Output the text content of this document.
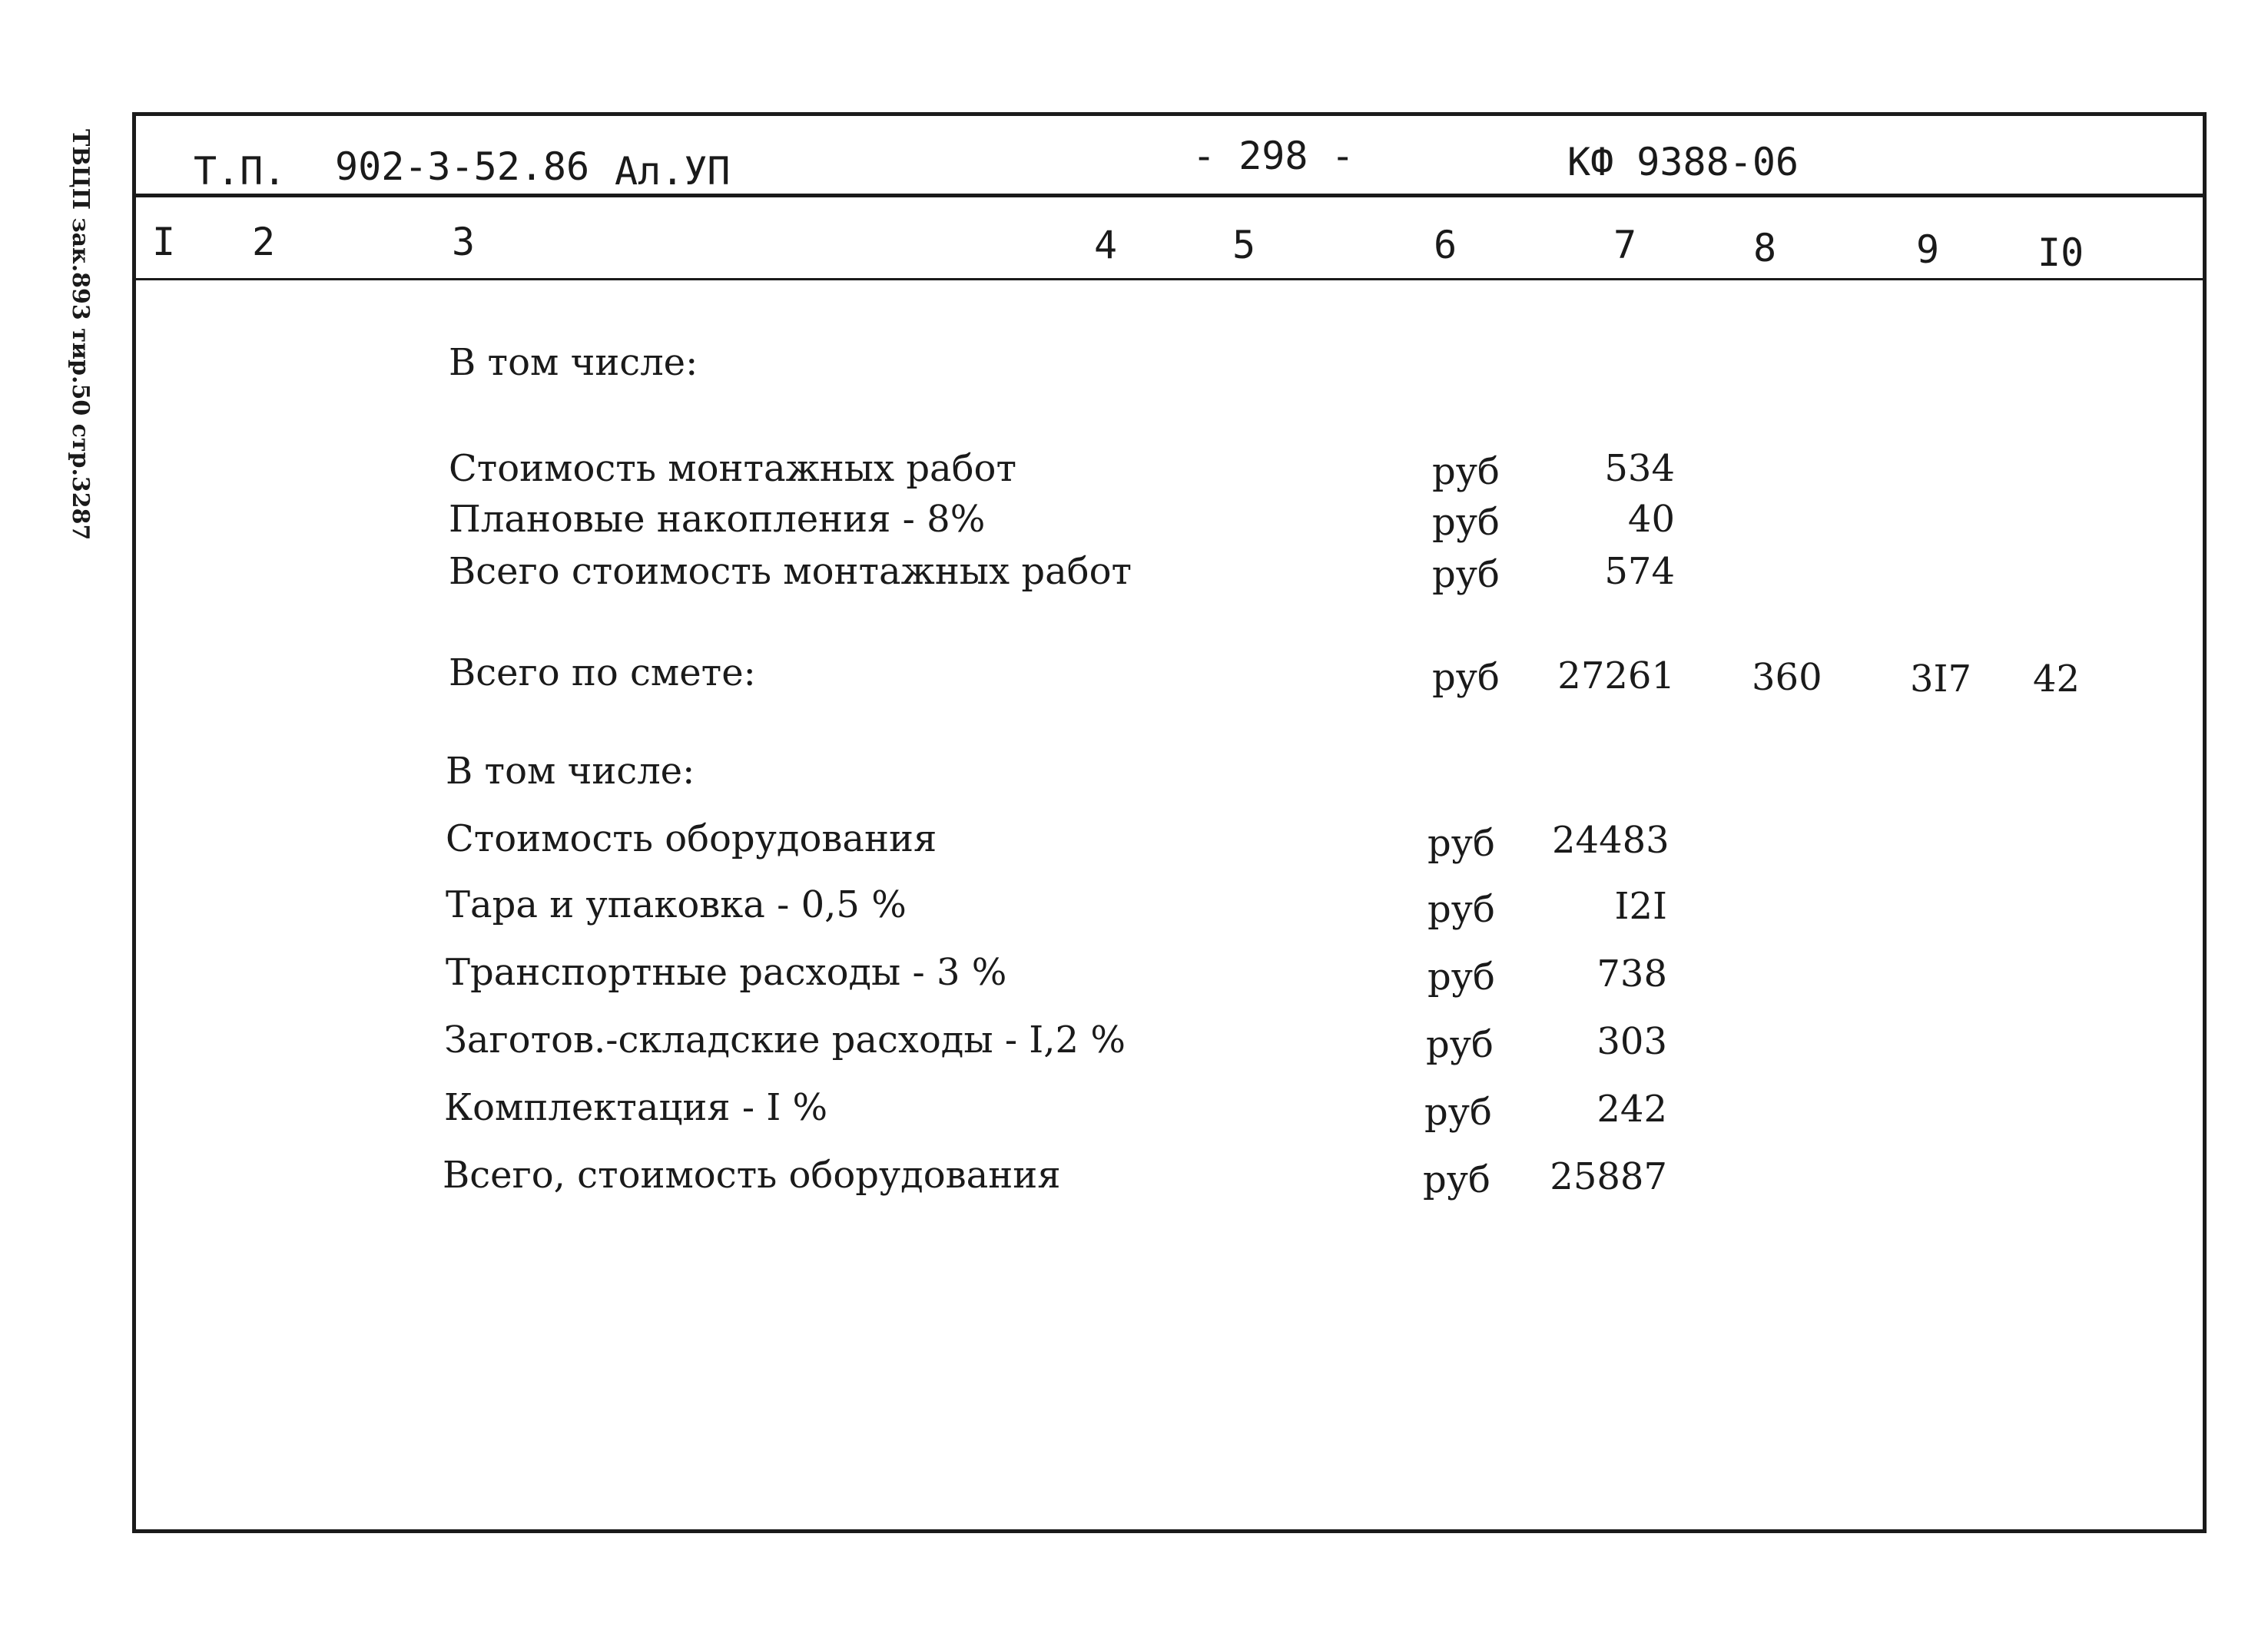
ТВЦП зак.893 тир.50 стр.3287	Т.П. 902-3-52.86 Ал.УП	- 298 -	КФ 9388-06
I 2	3	4	5	6	7	8	9	I0
В том числе:
Стоимость монтажных работ	руб	534
Плановые накопления - 8%	руб	40
Всего стоимость монтажных работ	руб	574
Всего по смете:	руб 27261 360 3I7 42
В том числе:
Стоимость оборудования	руб 24483
Тара и упаковка - 0,5 %	руб	I2I
Транспортные расходы - 3 %	руб	738
Заготов.-складские расходы - I,2 %	руб	303
Комплектация - I %	руб	242
Всего, стоимость оборудования	руб 25887
